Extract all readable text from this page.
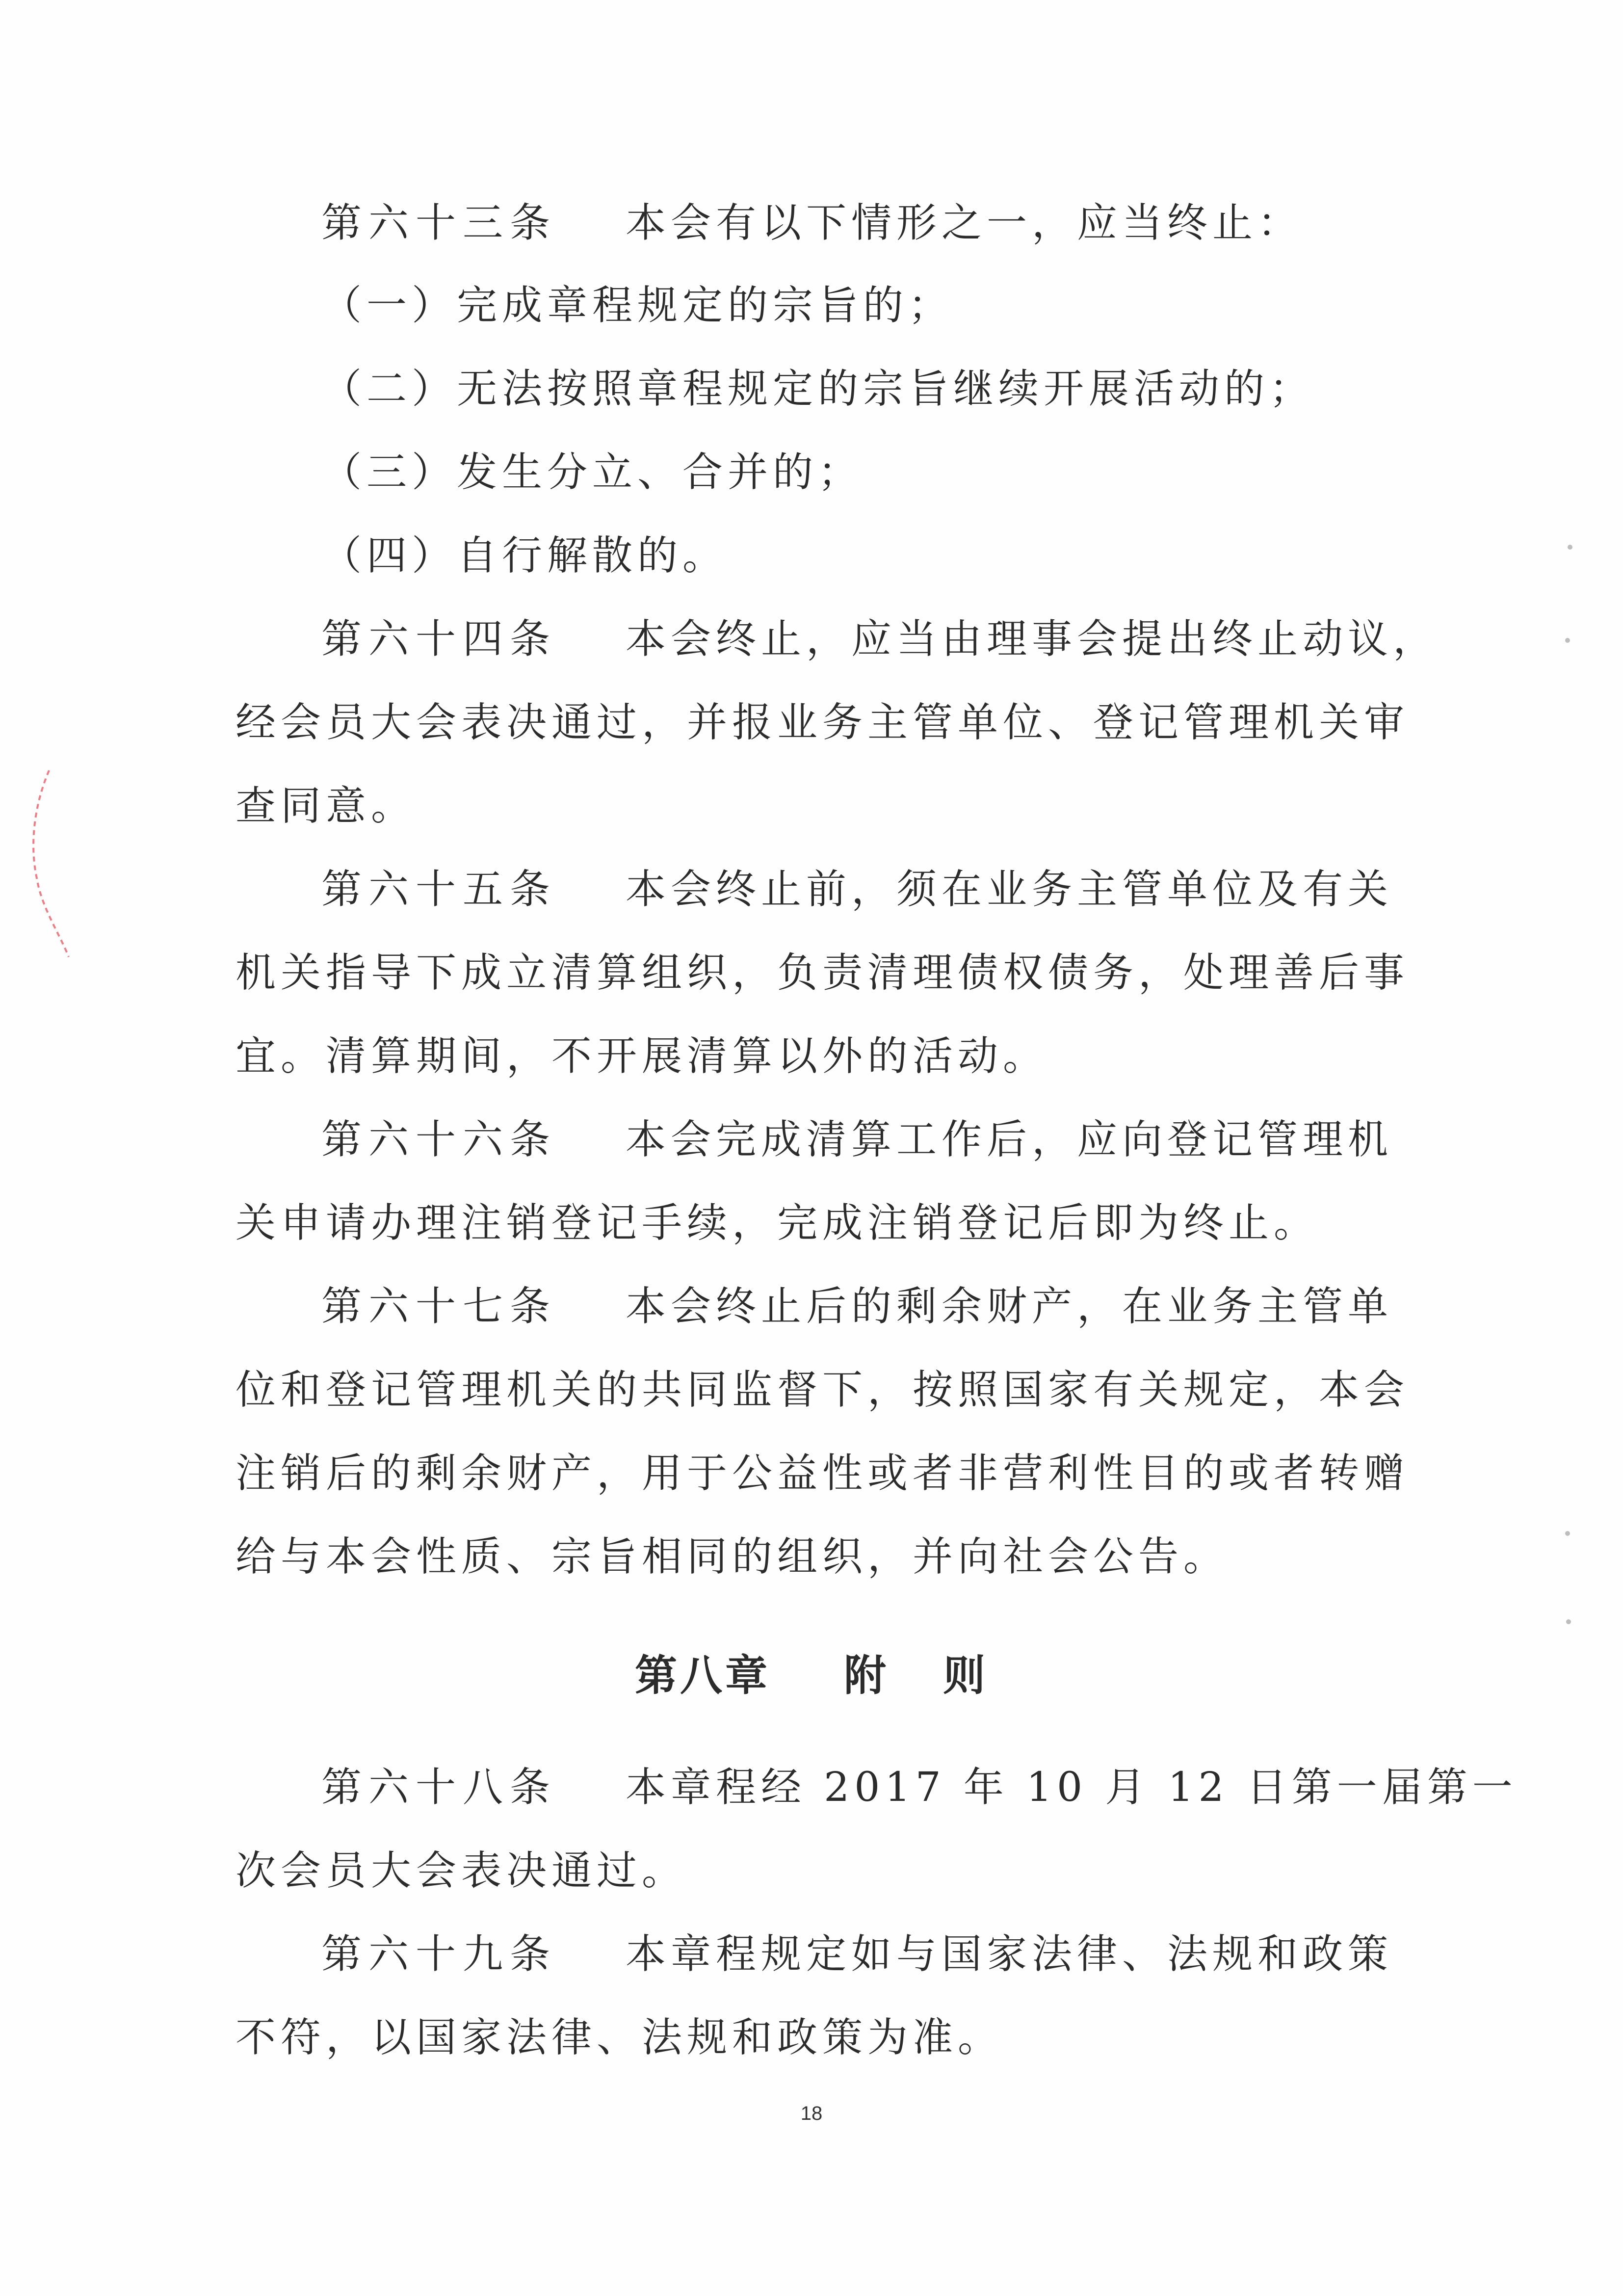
第六十三条 本会有以下情形之一，应当终止：
（一）完成章程规定的宗旨的；
（二）无法按照章程规定的宗旨继续开展活动的；
（三）发生分立、合并的；
（四）自行解散的。
第六十四条 本会终止，应当由理事会提出终止动议，
经会员大会表决通过，并报业务主管单位、登记管理机关审
查同意。
第六十五条 本会终止前，须在业务主管单位及有关
机关指导下成立清算组织，负责清理债权债务，处理善后事
宜。清算期间，不开展清算以外的活动。
第六十六条 本会完成清算工作后，应向登记管理机
关申请办理注销登记手续，完成注销登记后即为终止。
第六十七条 本会终止后的剩余财产，在业务主管单
位和登记管理机关的共同监督下，按照国家有关规定，本会
注销后的剩余财产，用于公益性或者非营利性目的或者转赠
给与本会性质、宗旨相同的组织，并向社会公告。
第八章 附 则
第六十八条 本章程经 2017 年 10 月 12 日第一届第一
次会员大会表决通过。
第六十九条 本章程规定如与国家法律、法规和政策
不符，以国家法律、法规和政策为准。
18
